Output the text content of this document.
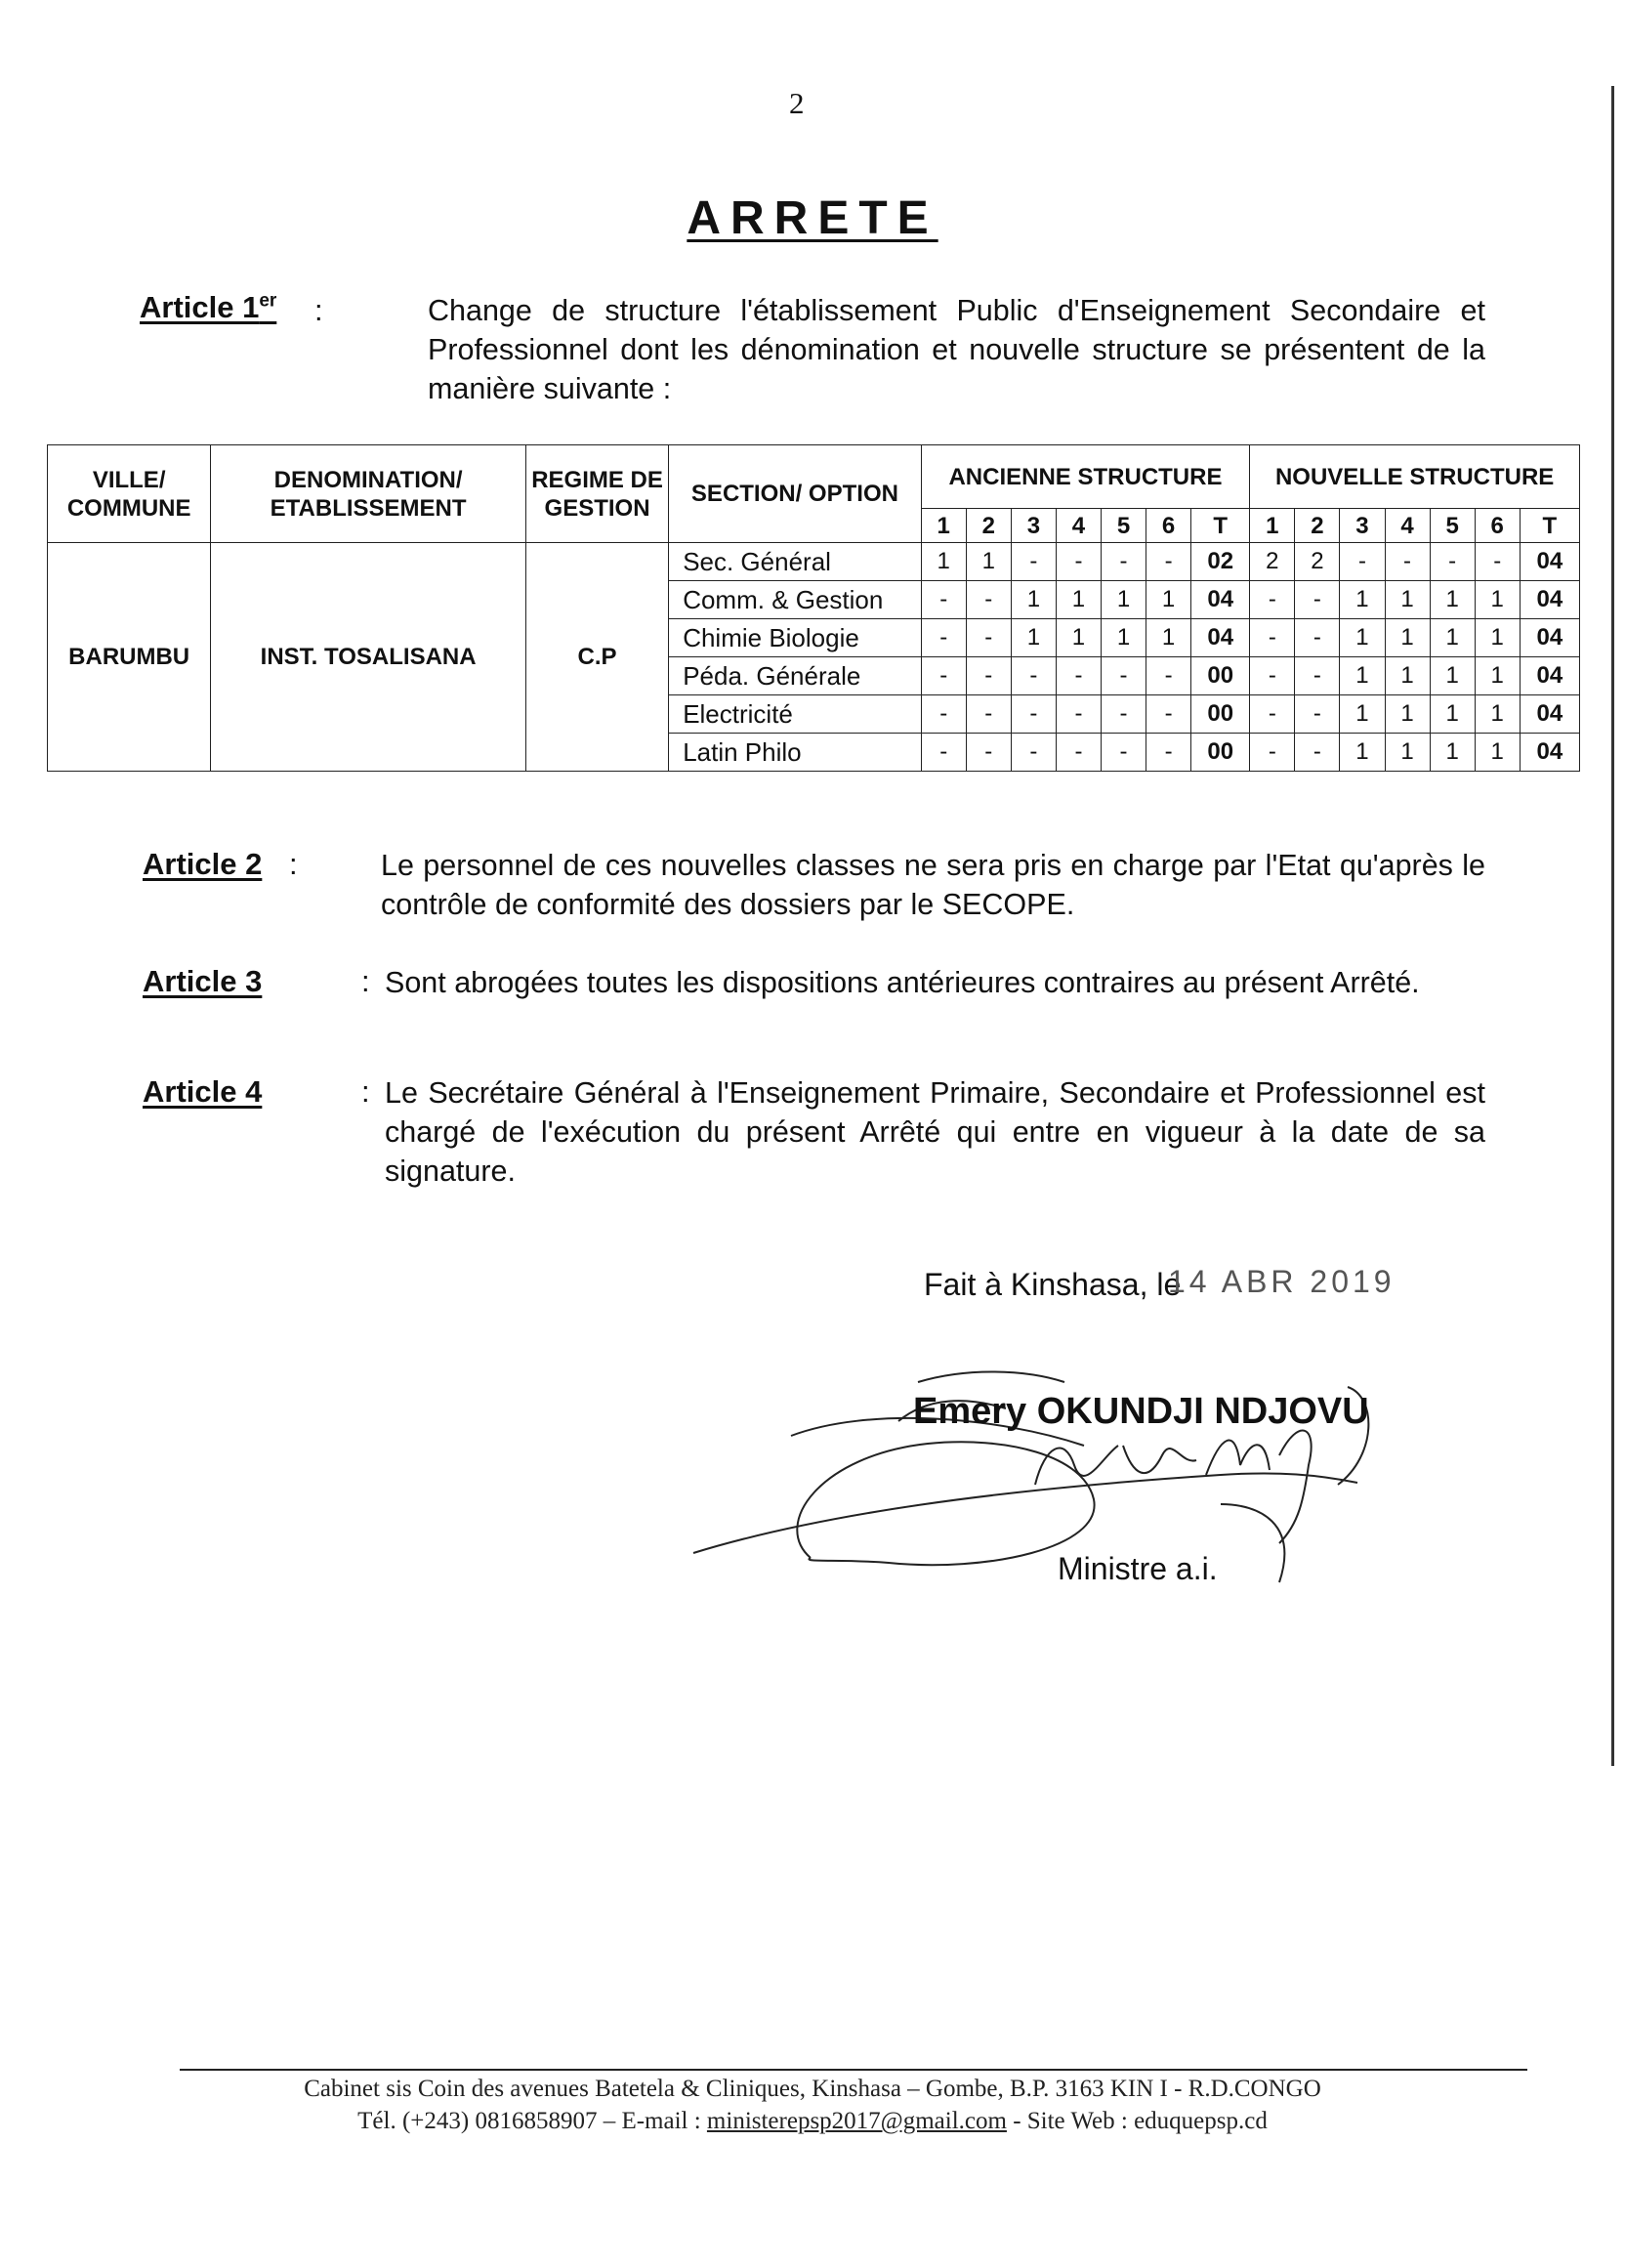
2
ARRETE
Article 1er :	Change de structure l'établissement Public d'Enseignement Secondaire et Professionnel dont les dénomination et nouvelle structure se présentent de la manière suivante :
VILLE/ COMMUNE	DENOMINATION/ ETABLISSEMENT	REGIME DE GESTION	SECTION/ OPTION	ANCIENNE STRUCTURE							NOUVELLE STRUCTURE						
				1	2	3	4	5	6	T	1	2	3	4	5	6	T
BARUMBU	INST. TOSALISANA	C.P	Sec. Général	1	1	-	-	-	-	02	2	2	-	-	-	-	04
			Comm. & Gestion	-	-	1	1	1	1	04	-	-	1	1	1	1	04
			Chimie Biologie	-	-	1	1	1	1	04	-	-	1	1	1	1	04
			Péda. Générale	-	-	-	-	-	-	00	-	-	1	1	1	1	04
			Electricité	-	-	-	-	-	-	00	-	-	1	1	1	1	04
			Latin Philo	-	-	-	-	-	-	00	-	-	1	1	1	1	04
Article 2 :	Le personnel de ces nouvelles classes ne sera pris en charge par l'Etat qu'après le contrôle de conformité des dossiers par le SECOPE.
Article 3	: Sont abrogées toutes les dispositions antérieures contraires au présent Arrêté.
Article 4	: Le Secrétaire Général à l'Enseignement Primaire, Secondaire et Professionnel est chargé de l'exécution du présent Arrêté qui entre en vigueur à la date de sa signature.
Fait à Kinshasa, le
14 ABR 2019
Emery OKUNDJI NDJOVU
Ministre a.i.
Cabinet sis Coin des avenues Batetela & Cliniques, Kinshasa – Gombe, B.P. 3163 KIN I - R.D.CONGO
Tél. (+243) 0816858907 – E-mail : ministerepsp2017@gmail.com - Site Web : eduquepsp.cd
